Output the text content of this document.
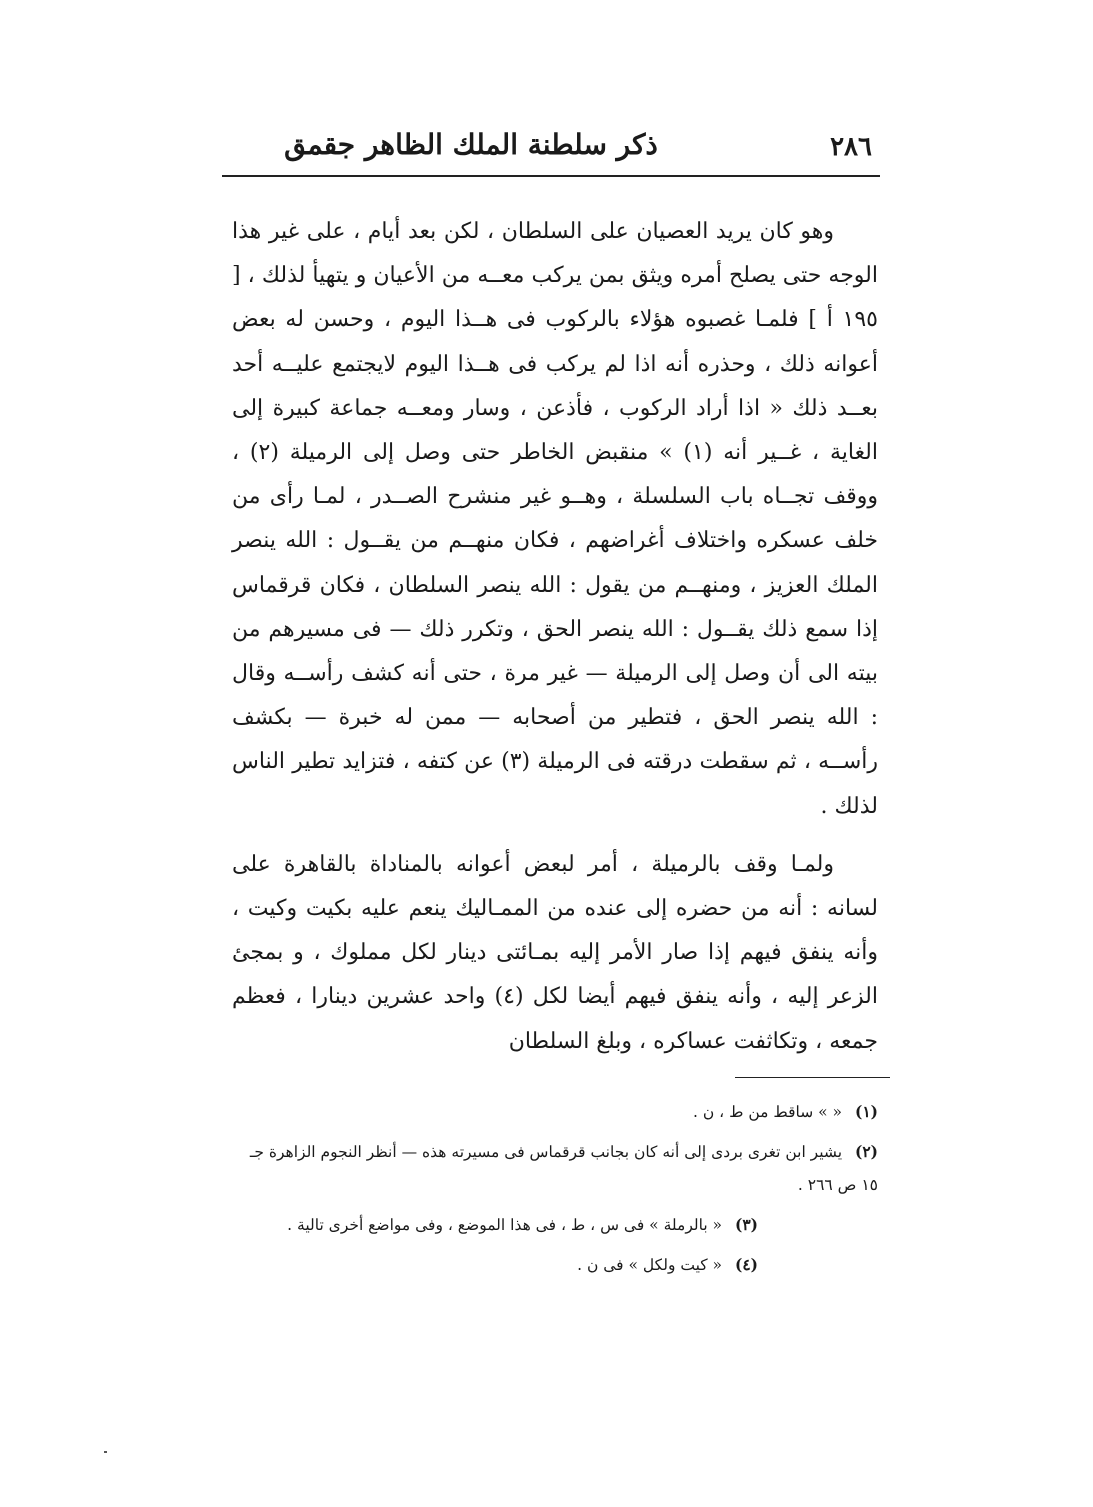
٢٨٦
ذكر سلطنة الملك الظاهر جقمق

وهو كان يريد العصيان على السلطان ، لكن بعد أيام ، على غير هذا الوجه حتى يصلح أمره ويثق بمن يركب معــه من الأعيان و يتهيأ لذلك ، [ ١٩٥ أ ] فلمـا غصبوه هؤلاء بالركوب فى هــذا اليوم ، وحسن له بعض أعوانه ذلك ، وحذره أنه اذا لم يركب فى هــذا اليوم لايجتمع عليــه أحد بعــد ذلك « اذا أراد الركوب ، فأذعن ، وسار ومعــه جماعة كبيرة إلى الغاية ، غــير أنه (١) » منقبض الخاطر حتى وصل إلى الرميلة (٢) ، ووقف تجــاه باب السلسلة ، وهــو غير منشرح الصــدر ، لمـا رأى من خلف عسكره واختلاف أغراضهم ، فكان منهــم من يقــول : الله ينصر الملك العزيز ، ومنهــم من يقول : الله ينصر السلطان ، فكان قرقماس إذا سمع ذلك يقــول : الله ينصر الحق ، وتكرر ذلك — فى مسيرهم من بيته الى أن وصل إلى الرميلة — غير مرة ، حتى أنه كشف رأســه وقال : الله ينصر الحق ، فتطير من أصحابه — ممن له خبرة — بكشف رأســه ، ثم سقطت درقته فى الرميلة (٣) عن كتفه ، فتزايد تطير الناس لذلك .

ولمـا وقف بالرميلة ، أمر لبعض أعوانه بالمناداة بالقاهرة على لسانه : أنه من حضره إلى عنده من الممـاليك ينعم عليه بكيت وكيت ، وأنه ينفق فيهم إذا صار الأمر إليه بمـائتى دينار لكل مملوك ، و بمجئ الزعر إليه ، وأنه ينفق فيهم أيضا لكل (٤) واحد عشرين دينارا ، فعظم جمعه ، وتكاثفت عساكره ، وبلغ السلطان

(١) « » ساقط من ط ، ن .
(٢) يشير ابن تغرى بردى إلى أنه كان بجانب قرقماس فى مسيرته هذه — أنظر النجوم الزاهرة جـ ١٥ ص ٢٦٦ .
(٣) « بالرملة » فى س ، ط ، فى هذا الموضع ، وفى مواضع أخرى تالية .
(٤) « كيت ولكل » فى ن .
